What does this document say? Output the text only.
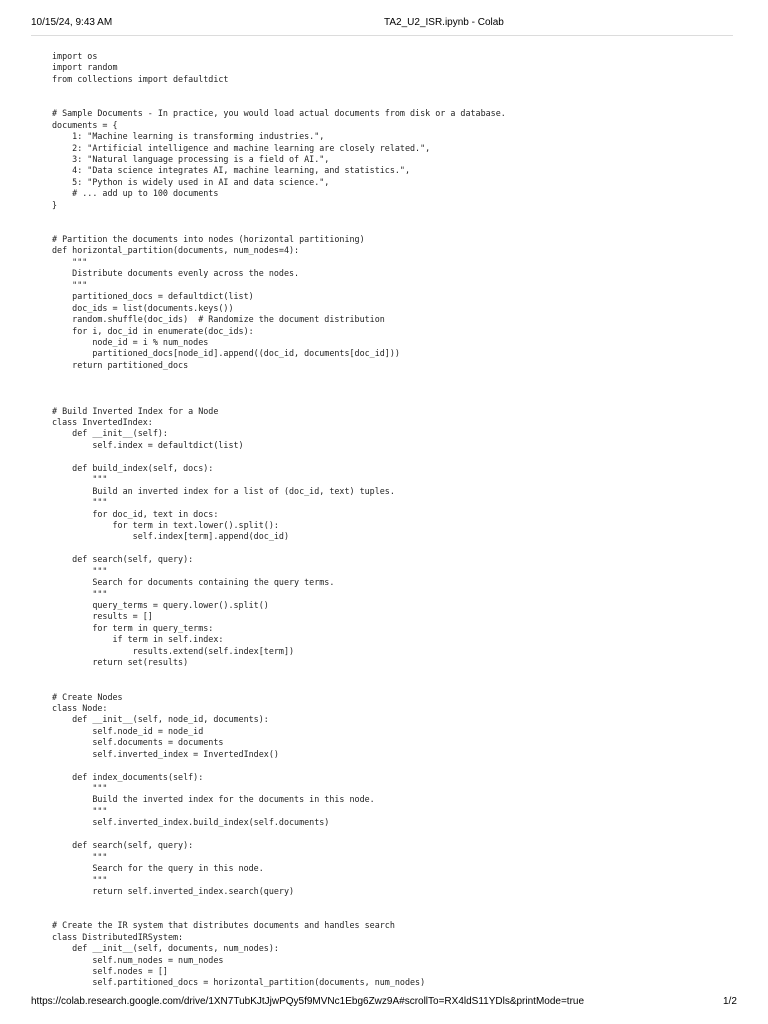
10/15/24, 9:43 AM	TA2_U2_ISR.ipynb - Colab
import os
import random
from collections import defaultdict
# Sample Documents - In practice, you would load actual documents from disk or a database.
documents = {
1: "Machine learning is transforming industries.",
2: "Artificial intelligence and machine learning are closely related.",
3: "Natural language processing is a field of AI.",
4: "Data science integrates AI, machine learning, and statistics.",
5: "Python is widely used in AI and data science.",
# ... add up to 100 documents
}
# Partition the documents into nodes (horizontal partitioning)
def horizontal_partition(documents, num_nodes=4):
"""
Distribute documents evenly across the nodes.
"""
partitioned_docs = defaultdict(list)
doc_ids = list(documents.keys())
random.shuffle(doc_ids)  # Randomize the document distribution
for i, doc_id in enumerate(doc_ids):
node_id = i % num_nodes
partitioned_docs[node_id].append((doc_id, documents[doc_id]))
return partitioned_docs
# Build Inverted Index for a Node
class InvertedIndex:
def __init__(self):
self.index = defaultdict(list)
def build_index(self, docs):
"""
Build an inverted index for a list of (doc_id, text) tuples.
"""
for doc_id, text in docs:
for term in text.lower().split():
self.index[term].append(doc_id)
def search(self, query):
"""
Search for documents containing the query terms.
"""
query_terms = query.lower().split()
results = []
for term in query_terms:
if term in self.index:
results.extend(self.index[term])
return set(results)
# Create Nodes
class Node:
def __init__(self, node_id, documents):
self.node_id = node_id
self.documents = documents
self.inverted_index = InvertedIndex()
def index_documents(self):
"""
Build the inverted index for the documents in this node.
"""
self.inverted_index.build_index(self.documents)
def search(self, query):
"""
Search for the query in this node.
"""
return self.inverted_index.search(query)
# Create the IR system that distributes documents and handles search
class DistributedIRSystem:
def __init__(self, documents, num_nodes):
self.num_nodes = num_nodes
self.nodes = []
self.partitioned_docs = horizontal_partition(documents, num_nodes)
https://colab.research.google.com/drive/1XN7TubKJtJjwPQy5f9MVNc1Ebg6Zwz9A#scrollTo=RX4ldS11YDls&printMode=true	1/2
